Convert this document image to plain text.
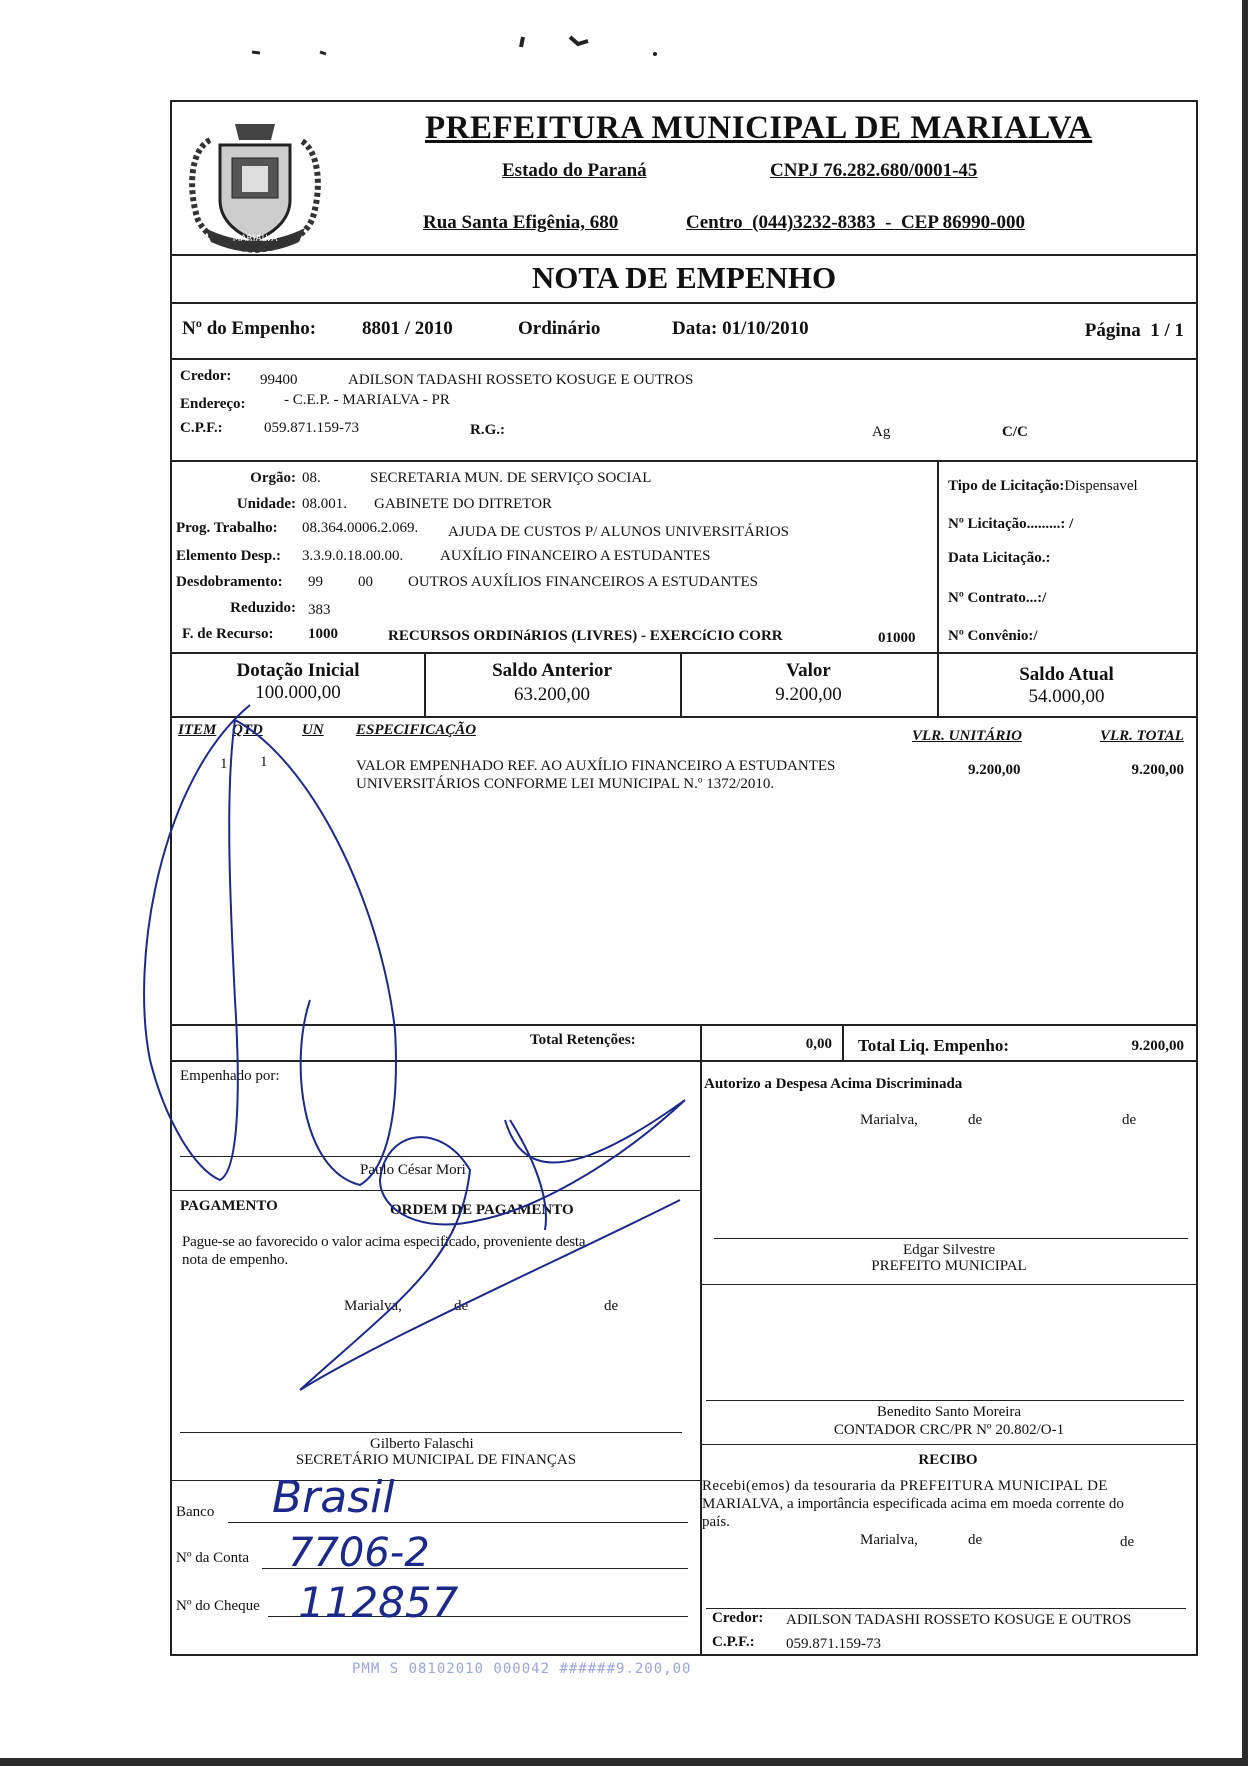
MARIALVA
PREFEITURA MUNICIPAL DE MARIALVA
Estado do Paraná	CNPJ 76.282.680/0001-45
Rua Santa Efigênia, 680	Centro  (044)3232-8383  -  CEP 86990-000
NOTA DE EMPENHO
Nº do Empenho: 8801 / 2010	Ordinário	Data: 01/10/2010	Página  1 / 1
Credor: 99400	ADILSON TADASHI ROSSETO KOSUGE E OUTROS
Endereço:	- C.E.P. - MARIALVA - PR
C.P.F.:	059.871.159-73	R.G.:	Ag	C/C
Orgão: 08.	SECRETARIA MUN. DE SERVIÇO SOCIAL
Unidade: 08.001. GABINETE DO DITRETOR
Prog. Trabalho: 08.364.0006.2.069. AJUDA DE CUSTOS P/ ALUNOS UNIVERSITÁRIOS
Elemento Desp.: 3.3.9.0.18.00.00. AUXÍLIO FINANCEIRO A ESTUDANTES
Desdobramento: 99 00 OUTROS AUXÍLIOS FINANCEIROS A ESTUDANTES
Reduzido: 383
F. de Recurso: 1000	RECURSOS ORDINáRIOS (LIVRES) - EXERCíCIO CORR	01000
Tipo de Licitação:Dispensavel
Nº Licitação.........: /
Data Licitação.:
Nº Contrato...:/
Nº Convênio:/
Dotação Inicial
100.000,00
Saldo Anterior
63.200,00
Valor
9.200,00
Saldo Atual
54.000,00
ITEM QTD	UN ESPECIFICAÇÃO	VLR. UNITÁRIO	VLR. TOTAL
1 1	VALOR EMPENHADO REF. AO AUXÍLIO FINANCEIRO A ESTUDANTES
UNIVERSITÁRIOS CONFORME LEI MUNICIPAL N.º 1372/2010.
9.200,00	9.200,00
Total Retenções:	0,00 Total Liq. Empenho:	9.200,00
Empenhado por:
Paulo César Mori
Autorizo a Despesa Acima Discriminada
Marialva,	de	de
Edgar Silvestre
PREFEITO MUNICIPAL
PAGAMENTO	ORDEM DE PAGAMENTO
Pague-se ao favorecido o valor acima especificado, proveniente desta
nota de empenho.
Marialva,	de	de
Gilberto Falaschi
SECRETÁRIO MUNICIPAL DE FINANÇAS
Benedito Santo Moreira
CONTADOR CRC/PR Nº 20.802/O-1
Banco Brasil
Nº da Conta 7706-2
Nº do Cheque 112857
RECIBO
Recebi(emos) da tesouraria da PREFEITURA MUNICIPAL DE
MARIALVA, a importância especificada acima em moeda corrente do
país.
Marialva,	de	de
Credor: ADILSON TADASHI ROSSETO KOSUGE E OUTROS
C.P.F.: 059.871.159-73
PMM S 08102010 000042 ######9.200,00
